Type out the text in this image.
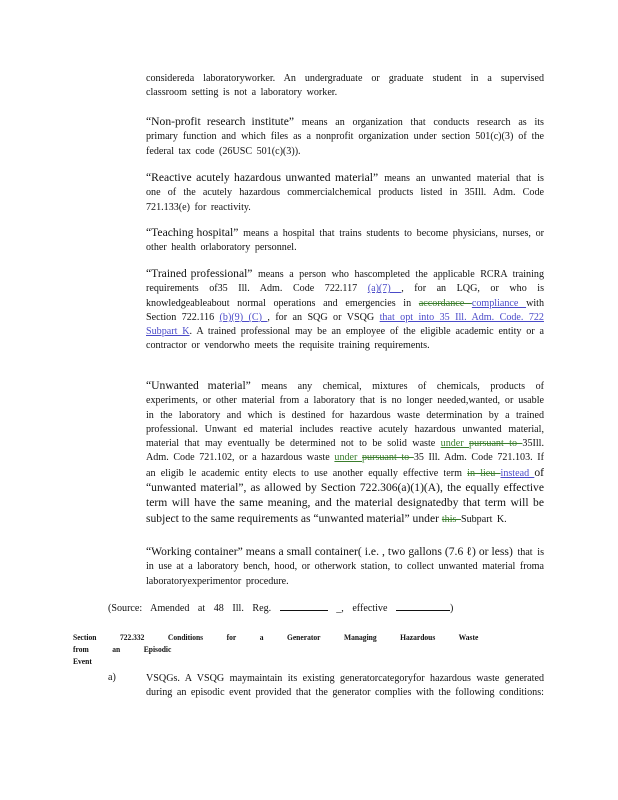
considereda laboratoryworker. An undergraduate or graduate student in a supervised classroom setting is not a laboratory worker.
“Non-profit research institute” means an organization that conducts research as its primary function and which files as a nonprofit organization under section 501(c)(3) of the federal tax code (26USC 501(c)(3)).
“Reactive acutely hazardous unwanted material” means an unwanted material that is one of the acutely hazardous commercialchemical products listed in 35Ill. Adm. Code 721.133(e) for reactivity.
“Teaching hospital” means a hospital that trains students to become physicians, nurses, or other health orlaboratory personnel.
“Trained professional” means a person who hascompleted the applicable RCRA training requirements of35 Ill. Adm. Code 722.117 (a)(7) , for an LQG, or who is knowledgeableabout normal operations and emergencies in accordance compliance with Section 722.116 (b)(9) (C) , for an SQG or VSQG that opt into 35 Ill. Adm. Code. 722 Subpart K. A trained professional may be an employee of the eligible academic entity or a contractor or vendorwho meets the requisite training requirements.
“Unwanted material” means any chemical, mixtures of chemicals, products of experiments, or other material from a laboratory that is no longer needed,wanted, or usable in the laboratory and which is destined for hazardous waste determination by a trained professional. Unwant ed material includes reactive acutely hazardous unwanted material, material that may eventually be determined not to be solid waste under pursuant to 35Ill. Adm. Code 721.102, or a hazardous waste under pursuant to 35 Ill. Adm. Code 721.103. If an eligib le academic entity elects to use another equally effective term in lieu instead of “unwanted material”, as allowed by Section 722.306(a)(1)(A), the equally effective term will have the same meaning, and the material designatedby that term will be subject to the same requirements as “unwanted material” under this Subpart K.
“Working container” means a small container( i.e. , two gallons (7.6 ℓ) or less) that is in use at a laboratory bench, hood, or otherwork station, to collect unwanted material froma laboratoryexperimentor procedure.
(Source: Amended at 48 Ill. Reg.	_, effective	)
Section	722.332	Conditions	for	a	Generator	Managing	Hazardous	Waste from	an	Episodic
Event
a)	VSQGs. A VSQG maymaintain its existing generatorcategoryfor hazardous waste generated during an episodic event provided that the generator complies with the following conditions:
